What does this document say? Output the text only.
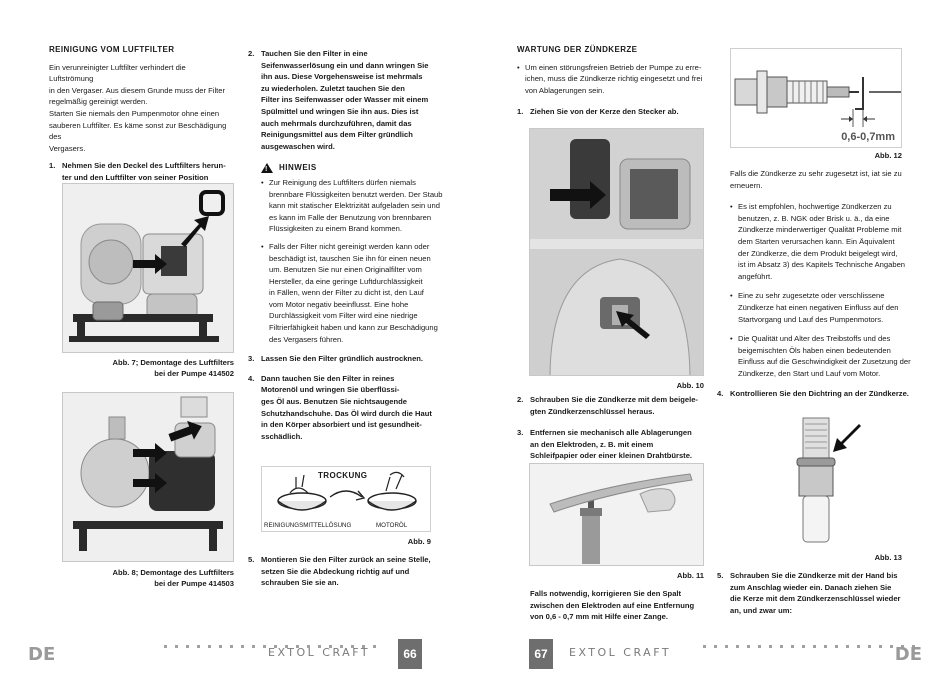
REINIGUNG VOM LUFTFILTER
Ein verunreinigter Luftfilter verhindert die Luftströmung
in den Vergaser. Aus diesem Grunde muss der Filter
regelmäßig gereinigt werden.
Starten Sie niemals den Pumpenmotor ohne einen
sauberen Luftfilter. Es käme sonst zur Beschädigung des
Vergasers.
1. Nehmen Sie den Deckel des Luftfilters herun-
ter und den Luftfilter von seiner Position
Abb. 7; Demontage des Luftfilters
bei der Pumpe 414502
Abb. 8; Demontage des Luftfilters
bei der Pumpe 414503
2. Tauchen Sie den Filter in eine
Seifenwasserlösung ein und dann wringen Sie
ihn aus. Diese Vorgehensweise ist mehrmals
zu wiederholen. Zuletzt tauchen Sie den
Filter ins Seifenwasser oder Wasser mit einem
Spülmittel und wringen Sie ihn aus. Dies ist
auch mehrmals durchzuführen, damit das
Reinigungsmittel aus dem Filter gründlich
ausgewaschen wird.
!
HINWEIS
• Zur Reinigung des Luftfilters dürfen niemals
brennbare Flüssigkeiten benutzt werden. Der Staub
kann mit statischer Elektrizität aufgeladen sein und
es kann im Falle der Benutzung von brennbaren
Flüssigkeiten zu einem Brand kommen.
• Falls der Filter nicht gereinigt werden kann oder
beschädigt ist, tauschen Sie ihn für einen neuen
um. Benutzen Sie nur einen Originalfilter vom
Hersteller, da eine geringe Luftdurchlässigkeit
in Fällen, wenn der Filter zu dicht ist, den Lauf
vom Motor negativ beeinflusst. Eine hohe
Durchlässigkeit vom Filter wird eine niedrige
Filtrierfähigkeit haben und kann zur Beschädigung
des Vergasers führen.
3. Lassen Sie den Filter gründlich austrocknen.
4. Dann tauchen Sie den Filter in reines
Motorenöl und wringen Sie überflüssi-
ges Öl aus. Benutzen Sie nichtsaugende
Schutzhandschuhe. Das Öl wird durch die Haut
in den Körper absorbiert und ist gesundheit-
sschädlich.
TROCKUNG
REINIGUNGSMITTELLÖSUNG	MOTORÖL
Abb. 9
5. Montieren Sie den Filter zurück an seine Stelle,
setzen Sie die Abdeckung richtig auf und
schrauben Sie sie an.
DE	EXTOL CRAFT	66
WARTUNG DER ZÜNDKERZE
• Um einen störungsfreien Betrieb der Pumpe zu erre-
ichen, muss die Zündkerze richtig eingesetzt und frei
von Ablagerungen sein.
1. Ziehen Sie von der Kerze den Stecker ab.
Abb. 10
2. Schrauben Sie die Zündkerze mit dem beigele-
gten Zündkerzenschlüssel heraus.
3. Entfernen sie mechanisch alle Ablagerungen
an den Elektroden, z. B. mit einem
Schleifpapier oder einer kleinen Drahtbürste.
Abb. 11
Falls notwendig, korrigieren Sie den Spalt
zwischen den Elektroden auf eine Entfernung
von 0,6 - 0,7 mm mit Hilfe einer Zange.
0,6-0,7mm
Abb. 12
Falls die Zündkerze zu sehr zugesetzt ist, iat sie zu
erneuern.
• Es ist empfohlen, hochwertige Zündkerzen zu
benutzen, z. B. NGK oder Brisk u. ä., da eine
Zündkerze minderwertiger Qualität Probleme mit
dem Starten verursachen kann. Ein Äquivalent
der Zündkerze, die dem Produkt beigelegt wird,
ist im Absatz 3) des Kapitels Technische Angaben
angeführt.
• Eine zu sehr zugesetzte oder verschlissene
Zündkerze hat einen negativen Einfluss auf den
Startvorgang und Lauf des Pumpenmotors.
• Die Qualität und Alter des Treibstoffs und des
beigemischten Öls haben einen bedeutenden
Einfluss auf die Geschwindigkeit der Zusetzung der
Zündkerze, den Start und Lauf vom Motor.
4. Kontrollieren Sie den Dichtring an der Zündkerze.
Abb. 13
5. Schrauben Sie die Zündkerze mit der Hand bis
zum Anschlag wieder ein. Danach ziehen Sie
die Kerze mit dem Zündkerzenschlüssel wieder
an, und zwar um:
67	EXTOL CRAFT	DE
